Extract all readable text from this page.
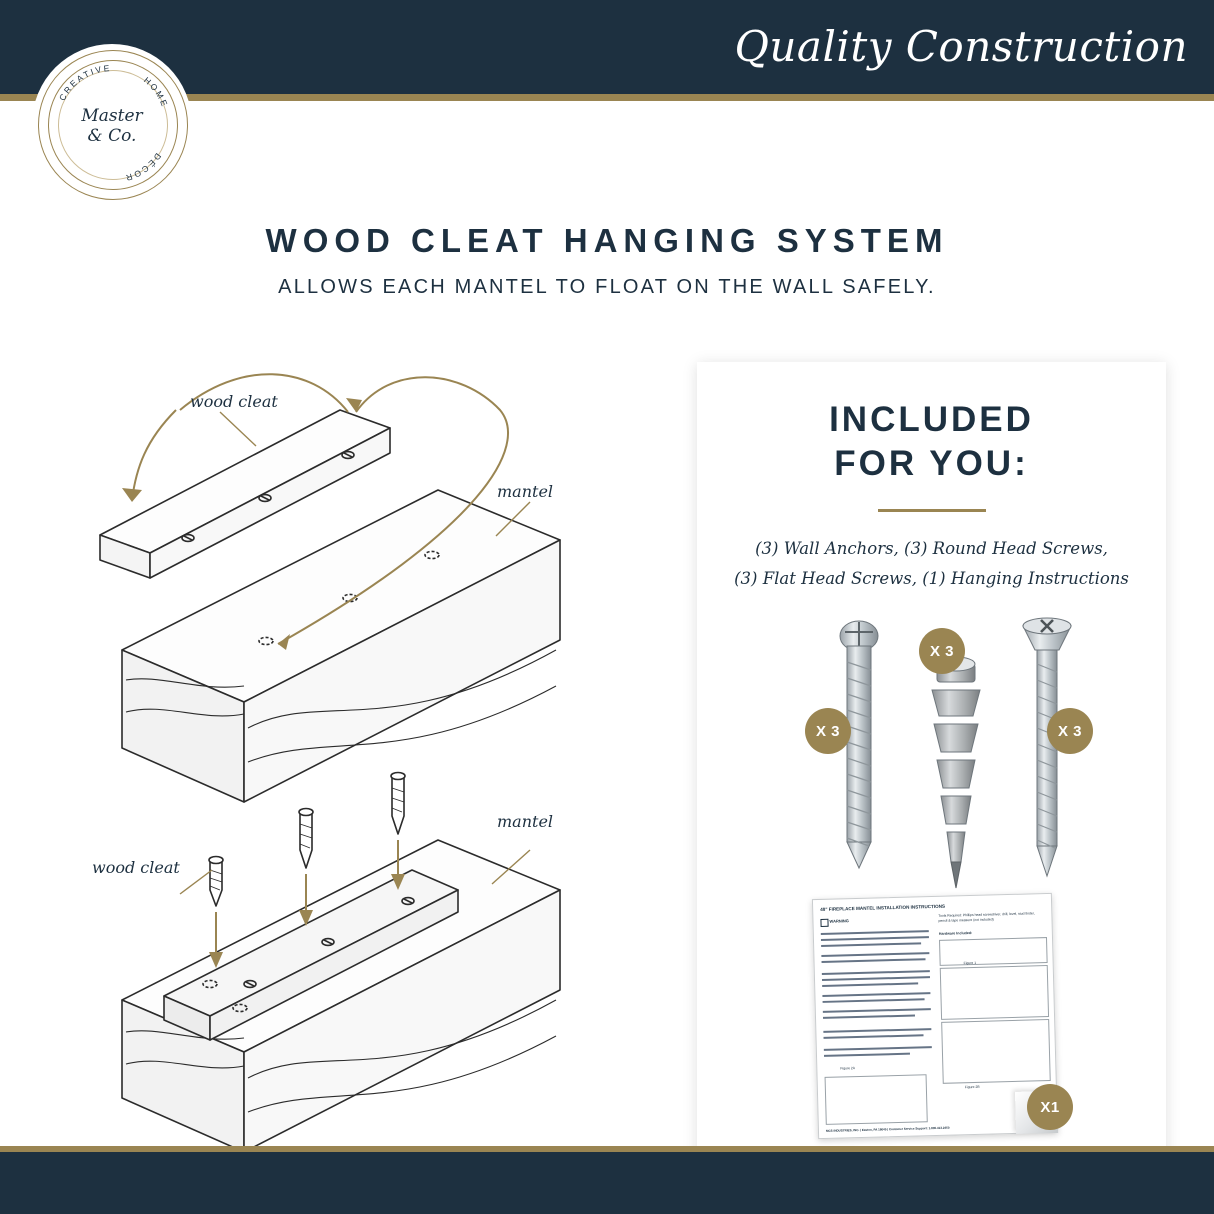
Quality Construction
CREATIVE
HOME
DÉCOR
Master
& Co.
WOOD CLEAT HANGING SYSTEM
ALLOWS EACH MANTEL TO FLOAT ON THE WALL SAFELY.
wood cleat
mantel
wood cleat
mantel
INCLUDED
FOR YOU:
(3) Wall Anchors, (3) Round Head Screws,
(3) Flat Head Screws, (1) Hanging Instructions
X 3
X 3
X 3
48" FIREPLACE MANTEL INSTALLATION INSTRUCTIONS
WARNING
Tools Required: Phillips head screwdriver, drill, level, stud finder, pencil & tape measure (not included)
Hardware Included:
Figure 1
Figure 2B
Figure 2A
MCS INDUSTRIES, INC. | Easton, PA 18045 | Customer Service Support: 1.800.413.2450
X1
